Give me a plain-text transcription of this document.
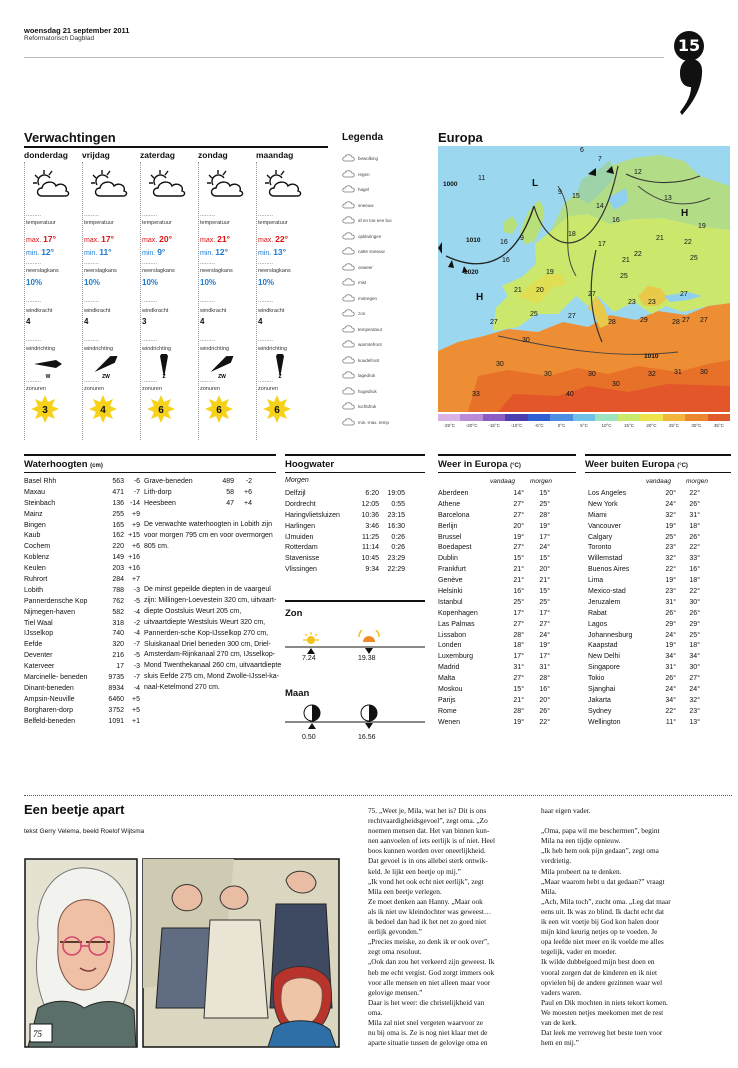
woensdag 21 september 2011
Reformatorisch Dagblad	15
Verwachtingen
donderdag
.........
temperatuur
max. 17°
min. 12°
.........
neerslagkans
10%
.........
windkracht
4
.........
windrichting
W
.........
zonuren
3
vrijdag
.........
temperatuur
max. 17°
min. 11°
.........
neerslagkans
10%
.........
windkracht
4
.........
windrichting
ZW
.........
zonuren
4
zaterdag
.........
temperatuur
max. 20°
min. 9°
.........
neerslagkans
10%
.........
windkracht
3
.........
windrichting
Z
.........
zonuren
6
zondag
.........
temperatuur
max. 21°
min. 12°
.........
neerslagkans
10%
.........
windkracht
4
.........
windrichting
ZW
.........
zonuren
6
maandag
.........
temperatuur
max. 22°
min. 13°
.........
neerslagkans
10%
.........
windkracht
4
.........
windrichting
Z
.........
zonuren
6
Legenda
bewolking
regen
hagel
sneeuw
af en toe een bui
opklaringen
natte sneeuw
onweer
mist
motregen
zon
temperatuur
warmtefront
koudefront
lagedruk
hogedruk
luchtdruk
min.-max. temp
Europa
1000
1010
1020
1010
L
H
H
6
7
11
9
15
12
13
14
16
19
16
16
9
18
17
21
19
21
22
25
22
21 20
27
25
23 23
27
25
27
27
28	29	28 27
30
30
33
30
40
30
30
32	31	30
27
-25°C	-20°C	-15°C	-10°C	-5°C	0°C	5°C	10°C	15°C	20°C	25°C	30°C	35°C
Waterhoogten (cm)
Basel Rhh	563	-6
Maxau	471	-7
Steinbach	136	-14
Mainz	255	+9
Bingen	165	+9
Kaub	162	+15
Cochem	220	+6
Koblenz	149	+16
Keulen	203	+16
Ruhrort	284	+7
Lobith	788	-3
Pannerdensche Kop	762	-5
Nijmegen-haven	582	-4
Tiel Waal	318	-2
IJsselkop	740	-4
Eefde	320	-7
Deventer	216	-5
Katerveer	17	-3
Marcinelle- beneden	9735	-7
Dinant-beneden	8934	-4
Ampsin-Neuville	6460	+5
Borgharen-dorp	3752	+5
Belfeld-beneden	1091	+1
Grave-beneden	489	-2
Lith-dorp	58	+6
Heesbeen	47	+4
De verwachte waterhoogten in Lobith zijn voor morgen 795 cm en voor overmorgen 805 cm.
De minst gepeilde diepten in de vaargeul zijn: Millingen-Loevestein 320 cm, uitvaart-diepte Oostsluis Weurt 205 cm, uitvaartdiepte Westsluis Weurt 320 cm, Pannerden-sche Kop-IJsselkop 270 cm, Sluiskanaal Driel beneden 300 cm, Driel-Amsterdam-Rijnkanaal 270 cm, IJsselkop-Mond Twenthekanaal 260 cm, uitvaartdiepte sluis Eefde 275 cm, Mond Zwolle-IJssel-ka-naal-Ketelmond 270 cm.
Hoogwater
Morgen
Delfzijl	6:20	19:05
Dordrecht	12:05	0:55
Haringvlietsluizen	10:36	23:15
Harlingen	3:46	16:30
IJmuiden	11:25	0:26
Rotterdam	11:14	0:26
Stavenisse	10:45	23:29
Vlissingen	9:34	22:29
Zon
7.24	19.38
Maan
0.50	16.56
Weer in Europa (°C)
vandaag morgen
Aberdeen	14°	15°
Athene	27°	25°
Barcelona	27°	28°
Berlijn	20°	19°
Brussel	19°	17°
Boedapest	27°	24°
Dublin	15°	15°
Frankfurt	21°	20°
Genève	21°	21°
Helsinki	16°	15°
Istanbul	25°	25°
Kopenhagen	17°	17°
Las Palmas	27°	27°
Lissabon	28°	24°
Londen	18°	19°
Luxemburg	17°	17°
Madrid	31°	31°
Malta	27°	28°
Moskou	15°	16°
Parijs	21°	20°
Rome	28°	26°
Wenen	19°	22°
Weer buiten Europa (°C)
vandaag morgen
Los Angeles	20°	22°
New York	24°	26°
Miami	32°	31°
Vancouver	19°	18°
Calgary	25°	26°
Toronto	23°	22°
Willemstad	32°	33°
Buenos Aires	22°	16°
Lima	19°	18°
Mexico-stad	23°	22°
Jeruzalem	31°	30°
Rabat	26°	26°
Lagos	29°	29°
Johannesburg	24°	25°
Kaapstad	19°	18°
New Delhi	34°	34°
Singapore	31°	30°
Tokio	26°	27°
Sjanghai	24°	24°
Jakarta	34°	32°
Sydney	22°	23°
Wellington	11°	13°
Een beetje apart
tekst Gerry Velema, beeld Roelof Wijtsma
75
75. „Weet je, Mila, wat het is? Dit is ons
rechtvaardigheidsgevoel”, zegt oma. „Zo
noemen mensen dat. Het van binnen kun-
nen aanvoelen of iets eerlijk is of niet. Heel
boos kunnen worden over oneerlijkheid.
Dat gevoel is in ons allebei sterk ontwik-
keld. Je lijkt een beetje op mij.”
„Ik vond het ook echt niet eerlijk”, zegt
Mila een beetje verlegen.
Ze moet denken aan Hanny. „Maar ook
als ik niet uw kleindochter was geweest…
ik bedoel dan had ik het net zo goed niet
eerlijk gevonden.”
„Precies meiske, zo denk ik er ook over”,
zegt oma resoluut.
„Ook dan zou het verkeerd zijn geweest. Ik
heb me echt vergist. God zorgt immers ook
voor alle mensen en niet alleen maar voor
gelovige mensen.”
Daar is het weer: die christelijkheid van
oma.
Mila zal niet snel vergeten waarvoor ze
nu bij oma is. Ze is nog niet klaar met de
aparte situatie tussen de gelovige oma en
haar eigen vader.

„Oma, papa wil me beschermen”, begint
Mila na een tijdje opnieuw.
„Ik heb hem ook pijn gedaan”, zegt oma
verdrietig.
Mila probeert na te denken.
„Maar waarom hebt u dat gedaan?” vraagt
Mila.
„Ach, Mila toch”, zucht oma. „Leg dat maar
eens uit. Ik was zo blind. Ik dacht echt dat
ik een wit voetje bij God kon halen door
mijn kind keurig netjes op te voeden. Je
opa leefde niet meer en ik voelde me alles
tegelijk, vader en moeder.
Ik wilde dubbelgoed mijn best doen en
vooral zorgen dat de kinderen en ik niet
opvielen bij de andere gezinnen waar wel
vaders waren.
Paul en Dik mochten in niets tekort komen.
We moesten netjes meekomen met de rest
van de kerk.
Dat leek me verreweg het beste toen voor
hem en mij.”
